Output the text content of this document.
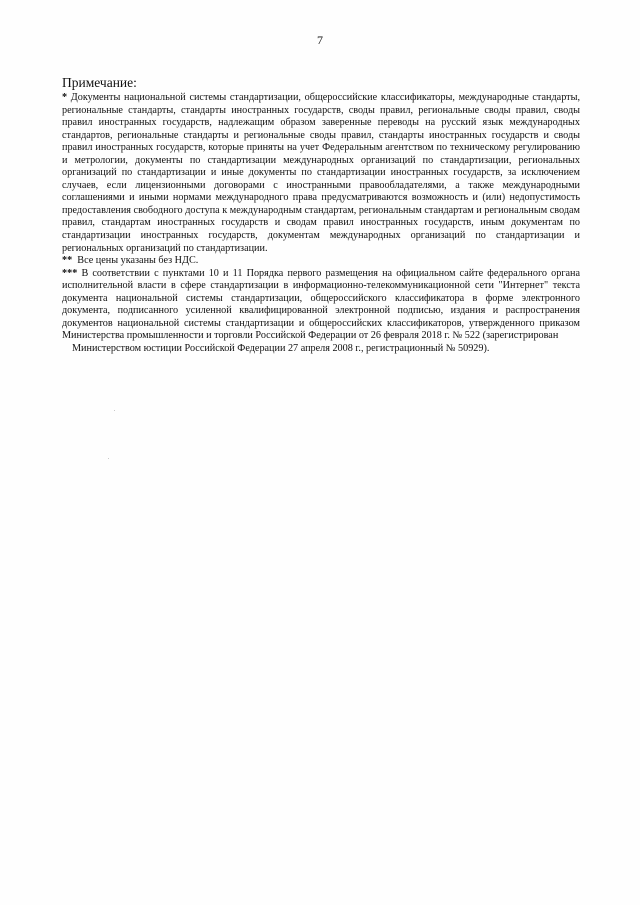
7
Примечание:

* Документы национальной системы стандартизации, общероссийские классификаторы, международные стандарты, региональные стандарты, стандарты иностранных государств, своды правил, региональные своды правил, своды правил иностранных государств, надлежащим образом заверенные переводы на русский язык международных стандартов, региональные стандарты и региональные своды правил, стандарты иностранных государств и своды правил иностранных государств, которые приняты на учет Федеральным агентством по техническому регулированию и метрологии, документы по стандартизации международных организаций по стандартизации, региональных организаций по стандартизации и иные документы по стандартизации иностранных государств, за исключением случаев, если лицензионными договорами с иностранными правообладателями, а также международными соглашениями и иными нормами международного права предусматриваются возможность и (или) недопустимость предоставления свободного доступа к международным стандартам, региональным стандартам и региональным сводам правил, стандартам иностранных государств и сводам правил иностранных государств, иным документам по стандартизации иностранных государств, документам международных организаций по стандартизации и региональных организаций по стандартизации.

** Все цены указаны без НДС.

*** В соответствии с пунктами 10 и 11 Порядка первого размещения на официальном сайте федерального органа исполнительной власти в сфере стандартизации в информационно-телекоммуникационной сети "Интернет" текста документа национальной системы стандартизации, общероссийского классификатора в форме электронного документа, подписанного усиленной квалифицированной электронной подписью, издания и распространения документов национальной системы стандартизации и общероссийских классификаторов, утвержденного приказом Министерства промышленности и торговли Российской Федерации от 26 февраля 2018 г. № 522 (зарегистрирован
Министерством юстиции Российской Федерации 27 апреля 2008 г., регистрационный № 50929).
